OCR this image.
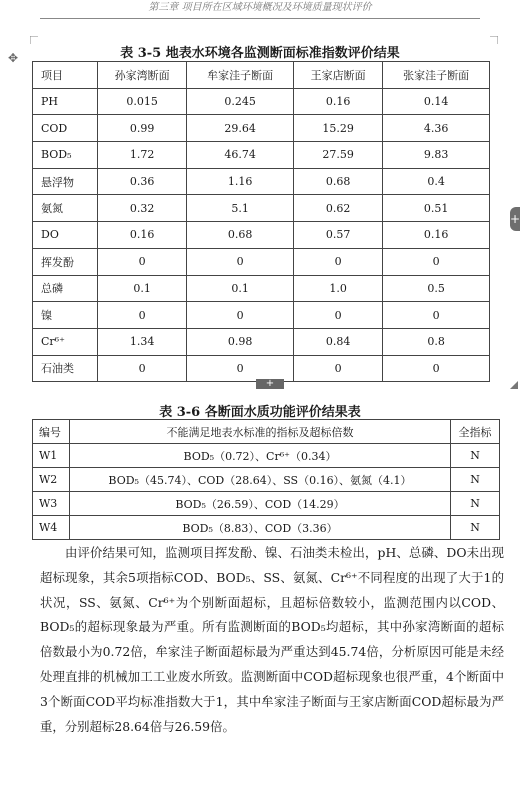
第三章 项目所在区域环境概况及环境质量现状评价
✥
+
表 3-5 地表水环境各监测断面标准指数评价结果
项目	孙家湾断面	牟家洼子断面	王家店断面	张家洼子断面
PH	0.015	0.245	0.16	0.14
COD	0.99	29.64	15.29	4.36
BOD₅	1.72	46.74	27.59	9.83
悬浮物	0.36	1.16	0.68	0.4
氨氮	0.32	5.1	0.62	0.51
DO	0.16	0.68	0.57	0.16
挥发酚	0	0	0	0
总磷	0.1	0.1	1.0	0.5
镍	0	0	0	0
Cr⁶⁺	1.34	0.98	0.84	0.8
石油类	0	0	0	0
+
表 3-6 各断面水质功能评价结果表
编号	不能满足地表水标准的指标及超标倍数	全指标
W1	BOD₅（0.72）、Cr⁶⁺（0.34）	N
W2	BOD₅（45.74）、COD（28.64）、SS（0.16）、氨氮（4.1）	N
W3	BOD₅（26.59）、COD（14.29）	N
W4	BOD₅（8.83）、COD（3.36）	N
由评价结果可知，监测项目挥发酚、镍、石油类未检出，pH、总磷、DO未出现超标现象，其余5项指标COD、BOD₅、SS、氨氮、Cr⁶⁺不同程度的出现了大于1的状况，SS、氨氮、Cr⁶⁺为个别断面超标，且超标倍数较小，监测范围内以COD、BOD₅的超标现象最为严重。所有监测断面的BOD₅均超标，其中孙家湾断面的超标倍数最小为0.72倍，牟家洼子断面超标最为严重达到45.74倍，分析原因可能是未经处理直排的机械加工工业废水所致。监测断面中COD超标现象也很严重，4个断面中3个断面COD平均标准指数大于1，其中牟家洼子断面与王家店断面COD超标最为严重，分别超标28.64倍与26.59倍。
